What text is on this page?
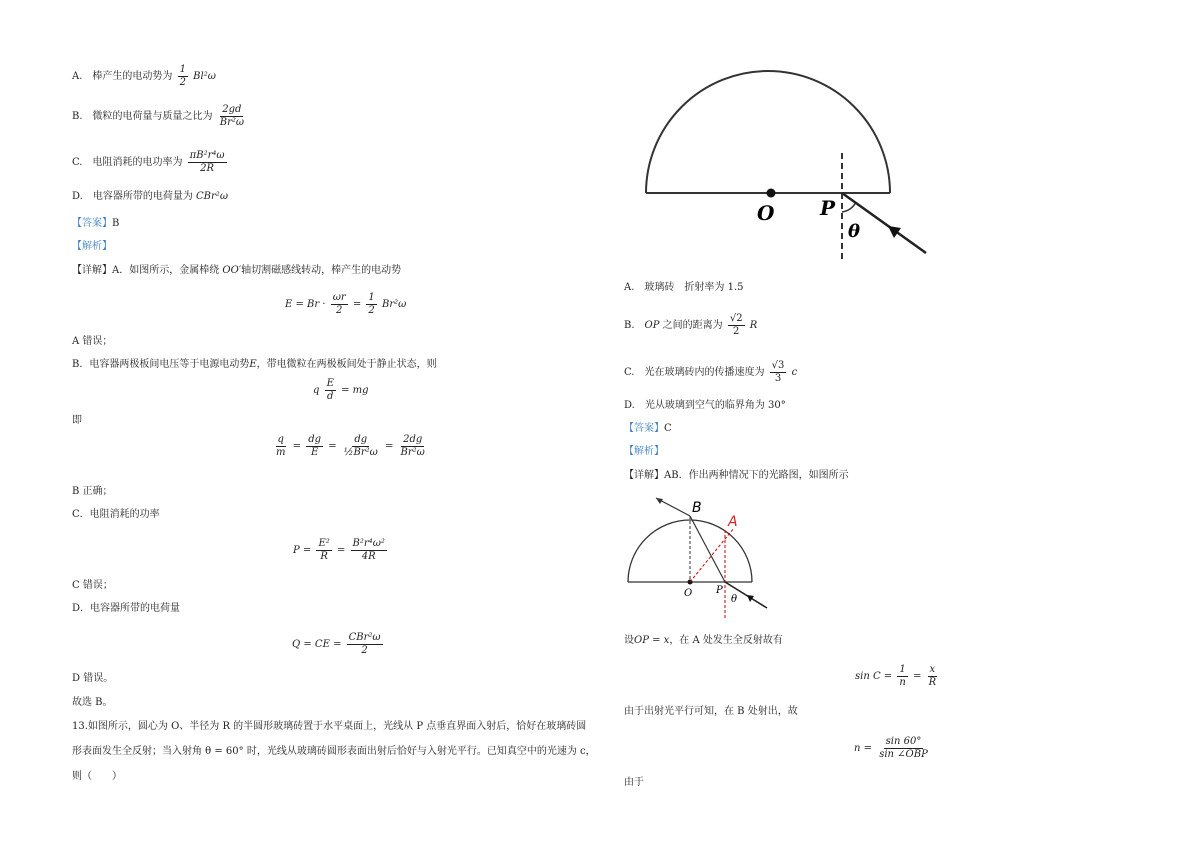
A.　棒产生的电动势为 $\frac{1}{2} Bl^2\omega$
B.　微粒的电荷量与质量之比为 $\frac{2gd}{\text{Br²ω}}$
C.　电阻消耗的电功率为 $\frac{\text{πB²r⁴ω}}{2R}$
D.　电容器所带的电荷量为 CBr²ω
【答案】B
【解析】
【详解】A．如图所示，金属棒绕 OO′轴切割磁感线转动，棒产生的电动势
$E = Br \cdot \frac{\omega r}{2} = \frac{1}{2} Br^2\omega$
A 错误；
B．电容器两极板间电压等于电源电动势E，带电微粒在两极板间处于静止状态，则
q $\frac{E}{d}$ = mg
即
$\frac{q}{m} = \frac{dg}{E} = \frac{dg}{\text{½Br²ω}} = \frac{2dg}{\text{Br²ω}}$
B 正确；
C．电阻消耗的功率
$P = \frac{\text{E²}}{R} = \frac{\text{B²r⁴ω²}}{4R}$
C 错误；
D．电容器所带的电荷量
Q = CE = $\frac{\text{CBr²ω}}{2}$
D 错误。
故选 B。
13.如图所示，圆心为 O、半径为 R 的半圆形玻璃砖置于水平桌面上，光线从 P 点垂直界面入射后，恰好在玻璃砖圆
形表面发生全反射；当入射角 θ = 60° 时，光线从玻璃砖圆形表面出射后恰好与入射光平行。已知真空中的光速为 c，
则（　　）
O P
θ
A.　玻璃砖　折射率为 1.5
B.　OP 之间的距离为 $\frac{√2}{2}$ R
C.　光在玻璃砖内的传播速度为 $\frac{√3}{3}$ c
D.　光从玻璃到空气的临界角为 30°
【答案】C
【解析】
【详解】AB．作出两种情况下的光路图，如图所示
B
A
O P
θ
设OP = x，在 A 处发生全反射故有
$\sin C = \frac{1}{n} = \frac{x}{R}$
由于出射光平行可知，在 B 处射出，故
$n = \frac{\sin 60^\circ}{\text{sin ∠OBP}}$
由于
